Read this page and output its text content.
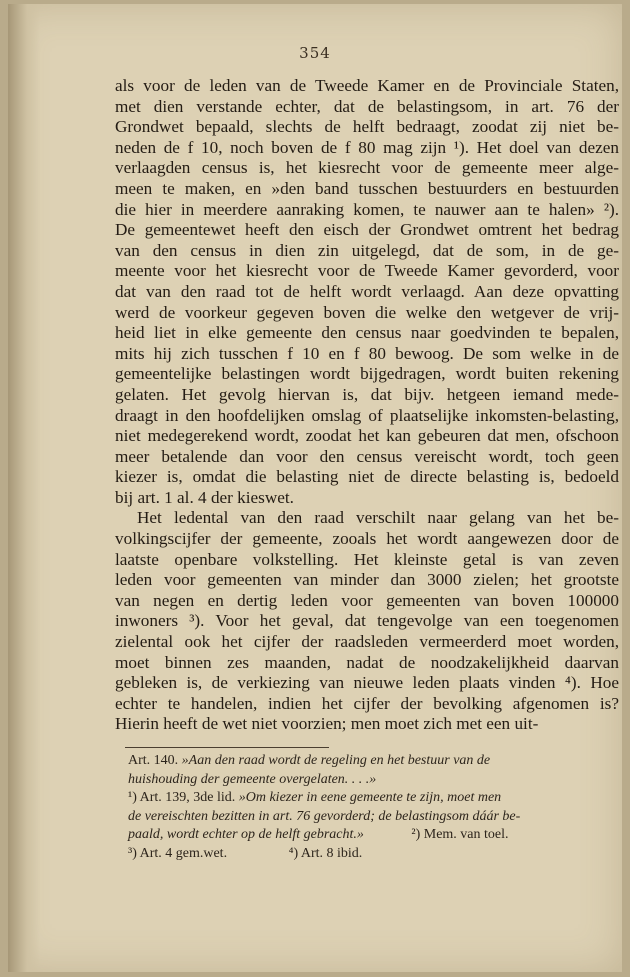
354
als voor de leden van de Tweede Kamer en de Provinciale Staten,
met dien verstande echter, dat de belastingsom, in art. 76 der
Grondwet bepaald, slechts de helft bedraagt, zoodat zij niet be-
neden de f 10, noch boven de f 80 mag zijn ¹). Het doel van dezen
verlaagden census is, het kiesrecht voor de gemeente meer alge-
meen te maken, en »den band tusschen bestuurders en bestuurden
die hier in meerdere aanraking komen, te nauwer aan te halen» ²).
De gemeentewet heeft den eisch der Grondwet omtrent het bedrag
van den census in dien zin uitgelegd, dat de som, in de ge-
meente voor het kiesrecht voor de Tweede Kamer gevorderd, voor
dat van den raad tot de helft wordt verlaagd. Aan deze opvatting
werd de voorkeur gegeven boven die welke den wetgever de vrij-
heid liet in elke gemeente den census naar goedvinden te bepalen,
mits hij zich tusschen f 10 en f 80 bewoog. De som welke in de
gemeentelijke belastingen wordt bijgedragen, wordt buiten rekening
gelaten. Het gevolg hiervan is, dat bijv. hetgeen iemand mede-
draagt in den hoofdelijken omslag of plaatselijke inkomsten-belasting,
niet medegerekend wordt, zoodat het kan gebeuren dat men, ofschoon
meer betalende dan voor den census vereischt wordt, toch geen
kiezer is, omdat die belasting niet de directe belasting is, bedoeld
bij art. 1 al. 4 der kieswet.
Het ledental van den raad verschilt naar gelang van het be-
volkingscijfer der gemeente, zooals het wordt aangewezen door de
laatste openbare volkstelling. Het kleinste getal is van zeven
leden voor gemeenten van minder dan 3000 zielen; het grootste
van negen en dertig leden voor gemeenten van boven 100000
inwoners ³). Voor het geval, dat tengevolge van een toegenomen
zielental ook het cijfer der raadsleden vermeerderd moet worden,
moet binnen zes maanden, nadat de noodzakelijkheid daarvan
gebleken is, de verkiezing van nieuwe leden plaats vinden ⁴). Hoe
echter te handelen, indien het cijfer der bevolking afgenomen is?
Hierin heeft de wet niet voorzien; men moet zich met een uit-
Art. 140. »Aan den raad wordt de regeling en het bestuur van de
huishouding der gemeente overgelaten. . . .»
¹) Art. 139, 3de lid. »Om kiezer in eene gemeente te zijn, moet men
de vereischten bezitten in art. 76 gevorderd; de belastingsom dáár be-
paald, wordt echter op de helft gebracht.»	²) Mem. van toel.
³) Art. 4 gem.wet.	⁴) Art. 8 ibid.
